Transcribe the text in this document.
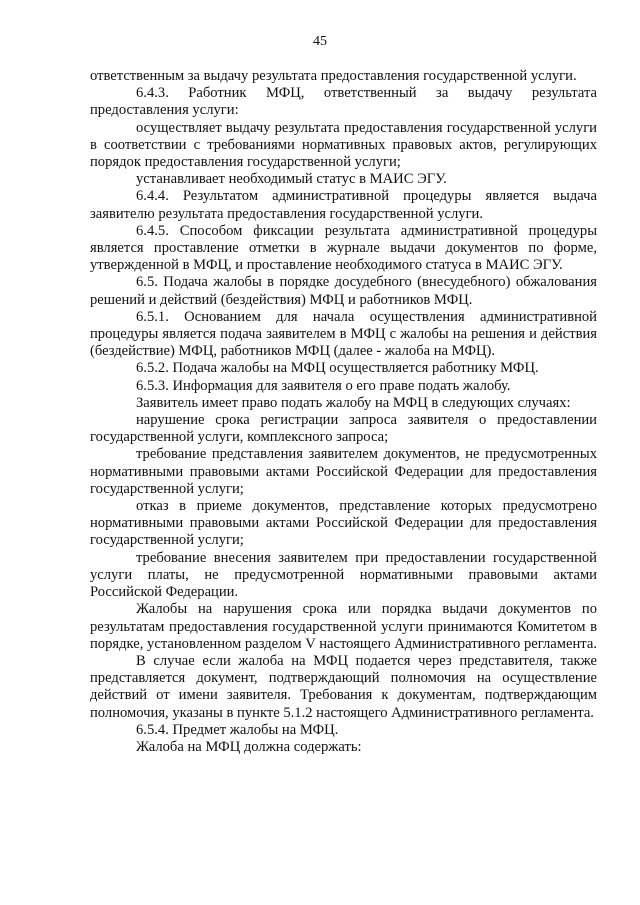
45

ответственным за выдачу результата предоставления государственной услуги.

6.4.3. Работник МФЦ, ответственный за выдачу результата предоставления услуги:

осуществляет выдачу результата предоставления государственной услуги в соответствии с требованиями нормативных правовых актов, регулирующих порядок предоставления государственной услуги;

устанавливает необходимый статус в МАИС ЭГУ.

6.4.4. Результатом административной процедуры является выдача заявителю результата предоставления государственной услуги.

6.4.5. Способом фиксации результата административной процедуры является проставление отметки в журнале выдачи документов по форме, утвержденной в МФЦ, и проставление необходимого статуса в МАИС ЭГУ.

6.5. Подача жалобы в порядке досудебного (внесудебного) обжалования решений и действий (бездействия) МФЦ и работников МФЦ.

6.5.1. Основанием для начала осуществления административной процедуры является подача заявителем в МФЦ с жалобы на решения и действия (бездействие) МФЦ, работников МФЦ (далее - жалоба на МФЦ).

6.5.2. Подача жалобы на МФЦ осуществляется работнику МФЦ.

6.5.3. Информация для заявителя о его праве подать жалобу.

Заявитель имеет право подать жалобу на МФЦ в следующих случаях:

нарушение срока регистрации запроса заявителя о предоставлении государственной услуги, комплексного запроса;

требование представления заявителем документов, не предусмотренных нормативными правовыми актами Российской Федерации для предоставления государственной услуги;

отказ в приеме документов, представление которых предусмотрено нормативными правовыми актами Российской Федерации для предоставления государственной услуги;

требование внесения заявителем при предоставлении государственной услуги платы, не предусмотренной нормативными правовыми актами Российской Федерации.

Жалобы на нарушения срока или порядка выдачи документов по результатам предоставления государственной услуги принимаются Комитетом в порядке, установленном разделом V настоящего Административного регламента.

В случае если жалоба на МФЦ подается через представителя, также представляется документ, подтверждающий полномочия на осуществление действий от имени заявителя. Требования к документам, подтверждающим полномочия, указаны в пункте 5.1.2 настоящего Административного регламента.

6.5.4. Предмет жалобы на МФЦ.

Жалоба на МФЦ должна содержать:
